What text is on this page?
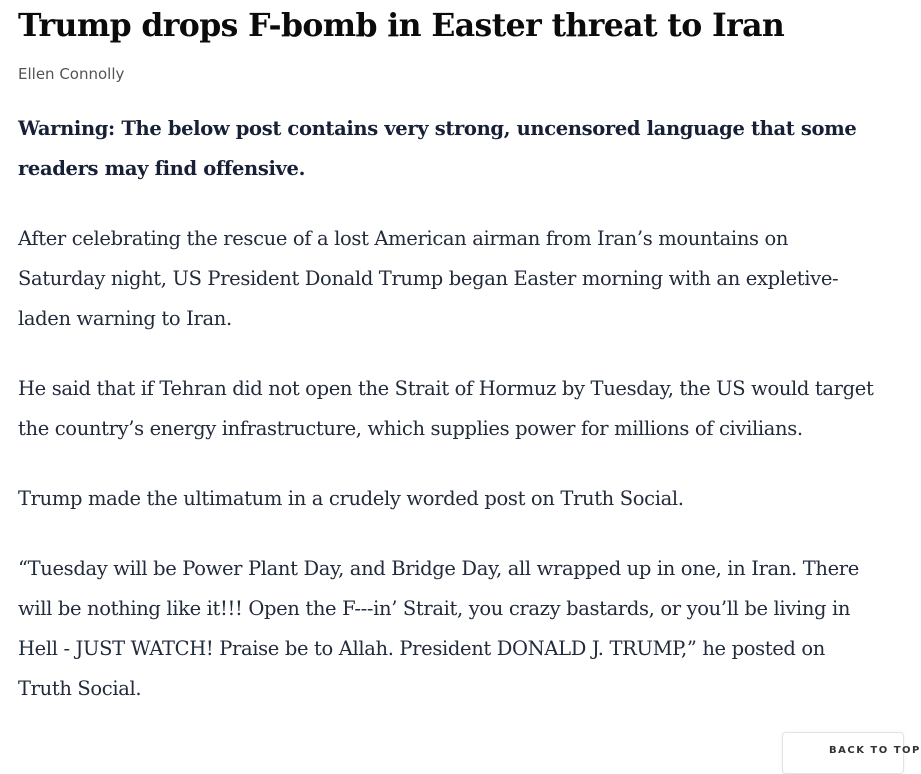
Trump drops F-bomb in Easter threat to Iran

Ellen Connolly

Warning: The below post contains very strong, uncensored language that some readers may find offensive.

After celebrating the rescue of a lost American airman from Iran’s mountains on Saturday night, US President Donald Trump began Easter morning with an expletive-laden warning to Iran.

He said that if Tehran did not open the Strait of Hormuz by Tuesday, the US would target the country’s energy infrastructure, which supplies power for millions of civilians.

Trump made the ultimatum in a crudely worded post on Truth Social.

“Tuesday will be Power Plant Day, and Bridge Day, all wrapped up in one, in Iran. There will be nothing like it!!! Open the F---in’ Strait, you crazy bastards, or you’ll be living in Hell - JUST WATCH! Praise be to Allah. President DONALD J. TRUMP,” he posted on Truth Social.

BACK TO TOP
